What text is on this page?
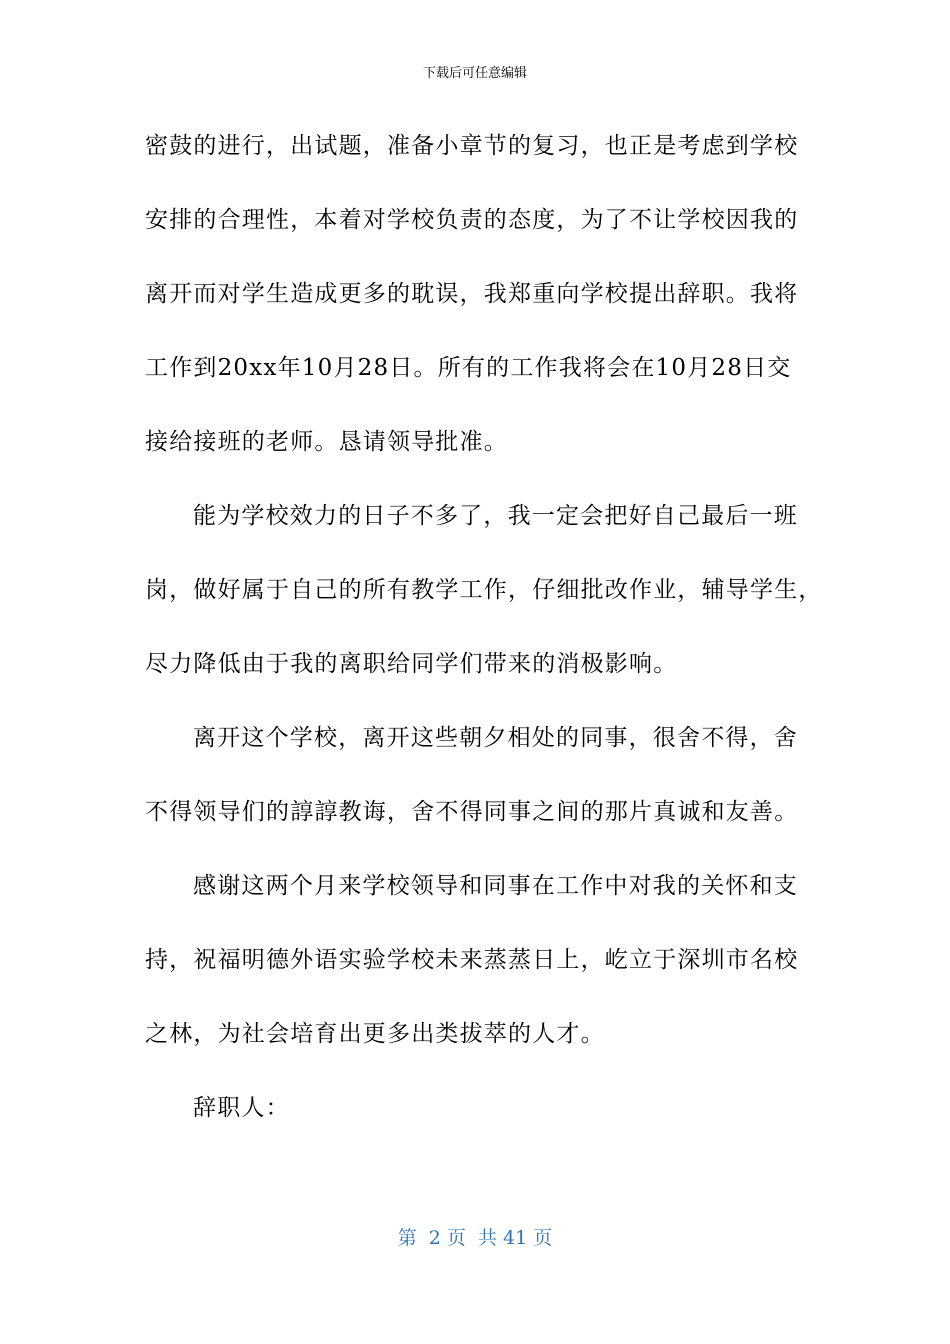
下载后可任意编辑
密鼓的进行，出试题，准备小章节的复习，也正是考虑到学校
安排的合理性，本着对学校负责的态度，为了不让学校因我的
离开而对学生造成更多的耽误，我郑重向学校提出辞职。我将
工作到20xx年10月28日。所有的工作我将会在10月28日交
接给接班的老师。恳请领导批准。
能为学校效力的日子不多了，我一定会把好自己最后一班
岗，做好属于自己的所有教学工作，仔细批改作业，辅导学生，
尽力降低由于我的离职给同学们带来的消极影响。
离开这个学校，离开这些朝夕相处的同事，很舍不得，舍
不得领导们的諄諄教诲，舍不得同事之间的那片真诚和友善。
感谢这两个月来学校领导和同事在工作中对我的关怀和支
持，祝福明德外语实验学校未来蒸蒸日上，屹立于深圳市名校
之林，为社会培育出更多出类拔萃的人才。
辞职人：
第  2 页  共 41 页
